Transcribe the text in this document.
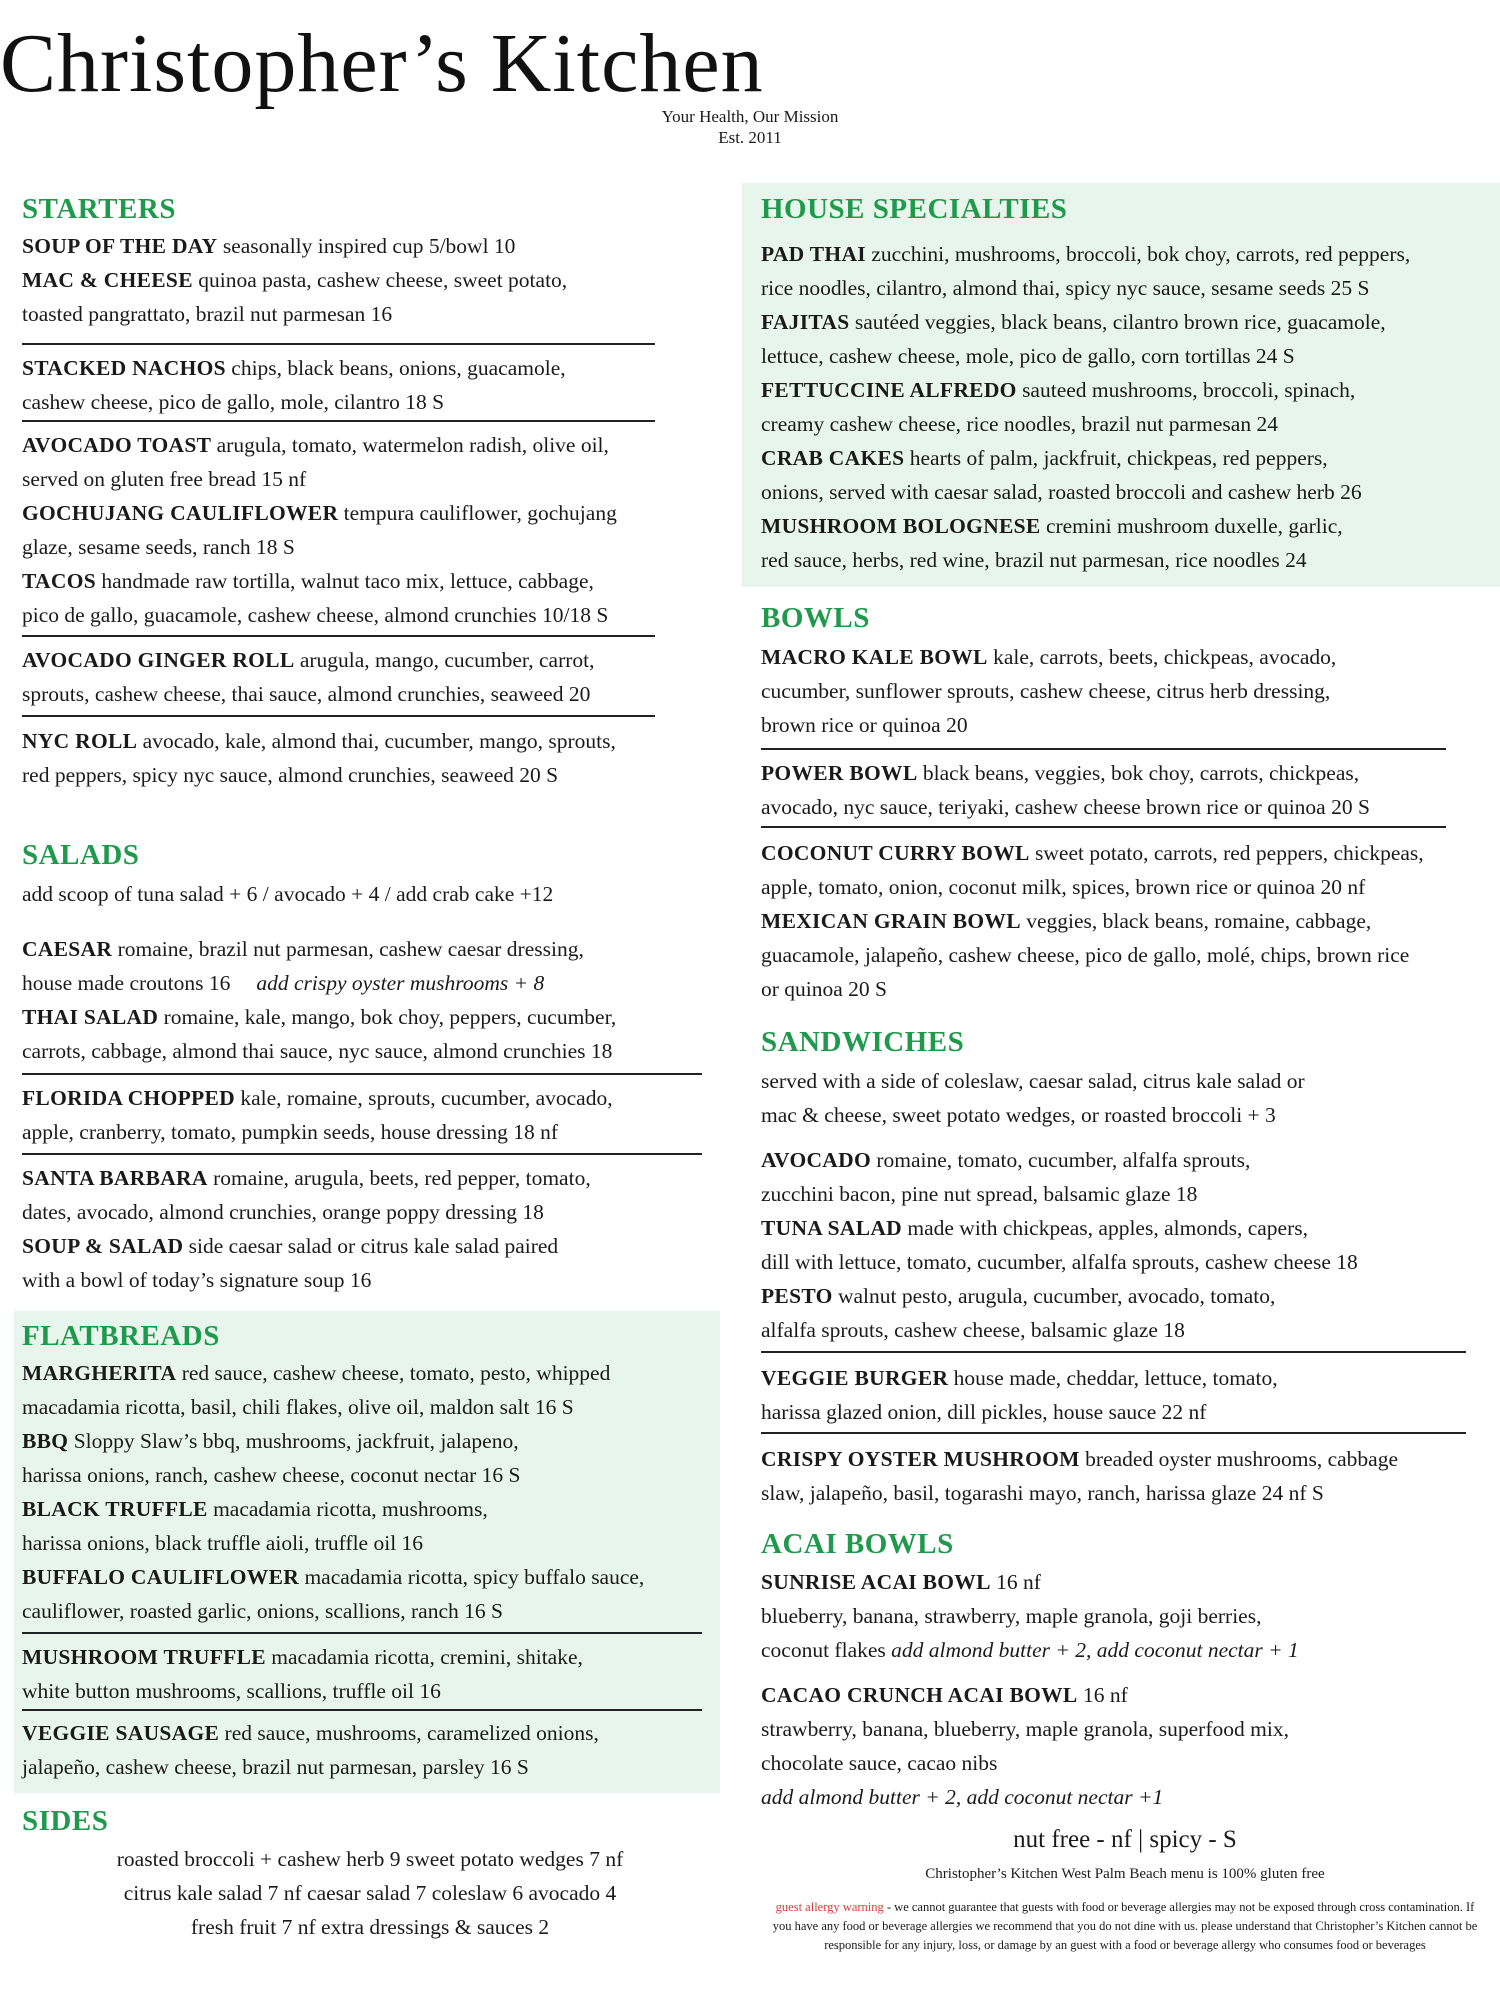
Christopher’s Kitchen
Your Health, Our Mission
Est. 2011
STARTERS
SOUP OF THE DAY seasonally inspired cup 5/bowl 10
MAC & CHEESE quinoa pasta, cashew cheese, sweet potato,
toasted pangrattato, brazil nut parmesan 16
STACKED NACHOS chips, black beans, onions, guacamole,
cashew cheese, pico de gallo, mole, cilantro 18 S
AVOCADO TOAST arugula, tomato, watermelon radish, olive oil,
served on gluten free bread 15 nf
GOCHUJANG CAULIFLOWER tempura cauliflower, gochujang
glaze, sesame seeds, ranch 18 S
TACOS handmade raw tortilla, walnut taco mix, lettuce, cabbage,
pico de gallo, guacamole, cashew cheese, almond crunchies 10/18 S
AVOCADO GINGER ROLL arugula, mango, cucumber, carrot,
sprouts, cashew cheese, thai sauce, almond crunchies, seaweed 20
NYC ROLL avocado, kale, almond thai, cucumber, mango, sprouts,
red peppers, spicy nyc sauce, almond crunchies, seaweed 20 S
SALADS
add scoop of tuna salad + 6 / avocado + 4 / add crab cake +12
CAESAR romaine, brazil nut parmesan, cashew caesar dressing,
house made croutons 16 add crispy oyster mushrooms + 8
THAI SALAD romaine, kale, mango, bok choy, peppers, cucumber,
carrots, cabbage, almond thai sauce, nyc sauce, almond crunchies 18
FLORIDA CHOPPED kale, romaine, sprouts, cucumber, avocado,
apple, cranberry, tomato, pumpkin seeds, house dressing 18 nf
SANTA BARBARA romaine, arugula, beets, red pepper, tomato,
dates, avocado, almond crunchies, orange poppy dressing 18
SOUP & SALAD side caesar salad or citrus kale salad paired
with a bowl of today’s signature soup 16
FLATBREADS
MARGHERITA red sauce, cashew cheese, tomato, pesto, whipped
macadamia ricotta, basil, chili flakes, olive oil, maldon salt 16 S
BBQ Sloppy Slaw’s bbq, mushrooms, jackfruit, jalapeno,
harissa onions, ranch, cashew cheese, coconut nectar 16 S
BLACK TRUFFLE macadamia ricotta, mushrooms,
harissa onions, black truffle aioli, truffle oil 16
BUFFALO CAULIFLOWER macadamia ricotta, spicy buffalo sauce,
cauliflower, roasted garlic, onions, scallions, ranch 16 S
MUSHROOM TRUFFLE macadamia ricotta, cremini, shitake,
white button mushrooms, scallions, truffle oil 16
VEGGIE SAUSAGE red sauce, mushrooms, caramelized onions,
jalapeño, cashew cheese, brazil nut parmesan, parsley 16 S
SIDES
roasted broccoli + cashew herb 9 sweet potato wedges 7 nf
citrus kale salad 7 nf caesar salad 7 coleslaw 6 avocado 4
fresh fruit 7 nf extra dressings & sauces 2
HOUSE SPECIALTIES
PAD THAI zucchini, mushrooms, broccoli, bok choy, carrots, red peppers,
rice noodles, cilantro, almond thai, spicy nyc sauce, sesame seeds 25 S
FAJITAS sautéed veggies, black beans, cilantro brown rice, guacamole,
lettuce, cashew cheese, mole, pico de gallo, corn tortillas 24 S
FETTUCCINE ALFREDO sauteed mushrooms, broccoli, spinach,
creamy cashew cheese, rice noodles, brazil nut parmesan 24
CRAB CAKES hearts of palm, jackfruit, chickpeas, red peppers,
onions, served with caesar salad, roasted broccoli and cashew herb 26
MUSHROOM BOLOGNESE cremini mushroom duxelle, garlic,
red sauce, herbs, red wine, brazil nut parmesan, rice noodles 24
BOWLS
MACRO KALE BOWL kale, carrots, beets, chickpeas, avocado,
cucumber, sunflower sprouts, cashew cheese, citrus herb dressing,
brown rice or quinoa 20
POWER BOWL black beans, veggies, bok choy, carrots, chickpeas,
avocado, nyc sauce, teriyaki, cashew cheese brown rice or quinoa 20 S
COCONUT CURRY BOWL sweet potato, carrots, red peppers, chickpeas,
apple, tomato, onion, coconut milk, spices, brown rice or quinoa 20 nf
MEXICAN GRAIN BOWL veggies, black beans, romaine, cabbage,
guacamole, jalapeño, cashew cheese, pico de gallo, molé, chips, brown rice
or quinoa 20 S
SANDWICHES
served with a side of coleslaw, caesar salad, citrus kale salad or
mac & cheese, sweet potato wedges, or roasted broccoli + 3
AVOCADO romaine, tomato, cucumber, alfalfa sprouts,
zucchini bacon, pine nut spread, balsamic glaze 18
TUNA SALAD made with chickpeas, apples, almonds, capers,
dill with lettuce, tomato, cucumber, alfalfa sprouts, cashew cheese 18
PESTO walnut pesto, arugula, cucumber, avocado, tomato,
alfalfa sprouts, cashew cheese, balsamic glaze 18
VEGGIE BURGER house made, cheddar, lettuce, tomato,
harissa glazed onion, dill pickles, house sauce 22 nf
CRISPY OYSTER MUSHROOM breaded oyster mushrooms, cabbage
slaw, jalapeño, basil, togarashi mayo, ranch, harissa glaze 24 nf S
ACAI BOWLS
SUNRISE ACAI BOWL 16 nf
blueberry, banana, strawberry, maple granola, goji berries,
coconut flakes add almond butter + 2, add coconut nectar + 1
CACAO CRUNCH ACAI BOWL 16 nf
strawberry, banana, blueberry, maple granola, superfood mix,
chocolate sauce, cacao nibs
add almond butter + 2, add coconut nectar +1
nut free - nf | spicy - S
Christopher’s Kitchen West Palm Beach menu is 100% gluten free
guest allergy warning - we cannot guarantee that guests with food or beverage allergies may not be exposed through cross contamination. If you have any food or beverage allergies we recommend that you do not dine with us. please understand that Christopher’s Kitchen cannot be responsible for any injury, loss, or damage by an guest with a food or beverage allergy who consumes food or beverages
